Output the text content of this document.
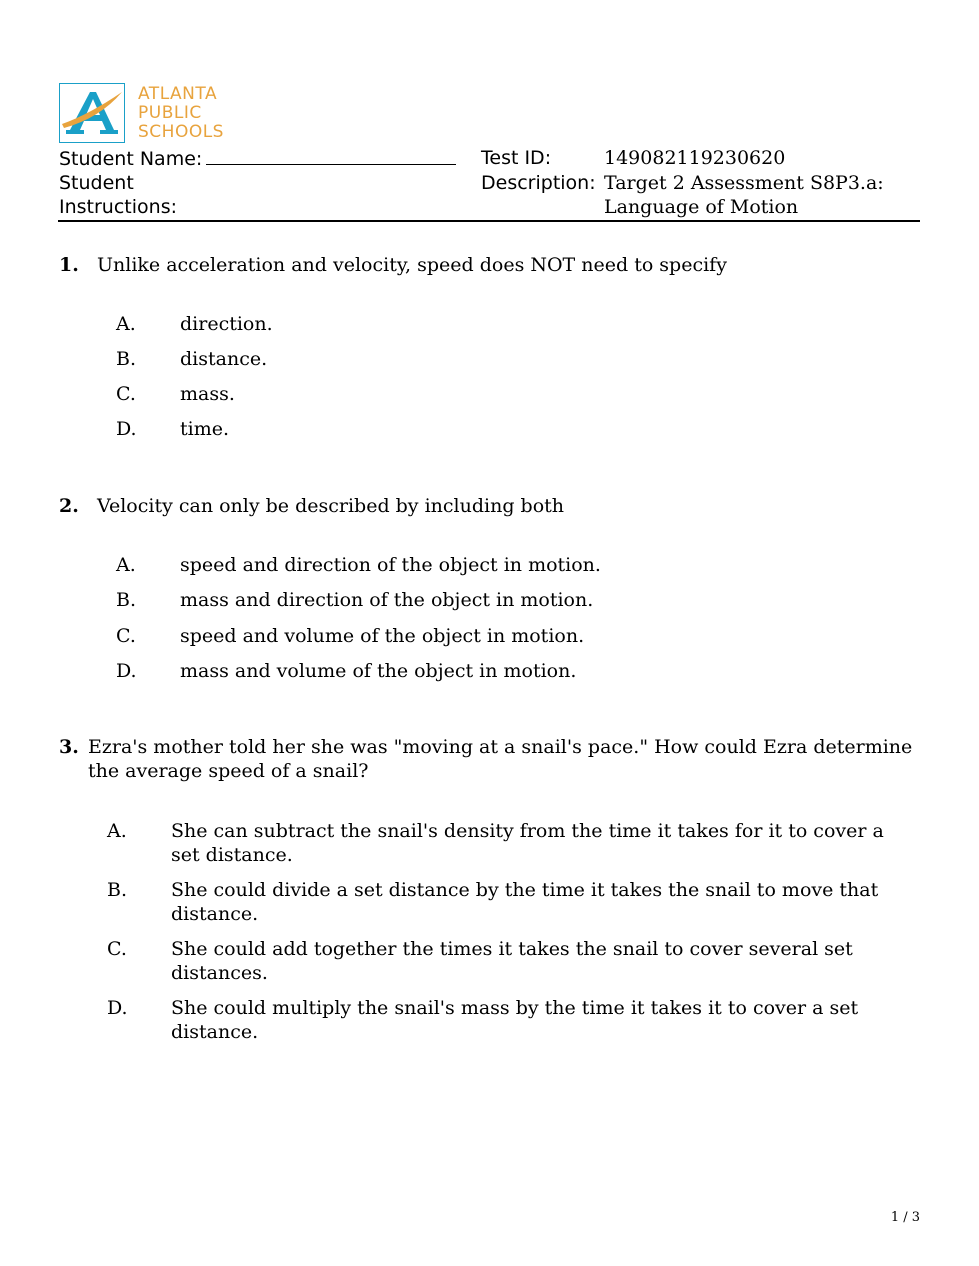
ATLANTA
PUBLIC
SCHOOLS
Student Name:
Student
Instructions:
Test ID:	149082119230620
Description: Target 2 Assessment S8P3.a:
Language of Motion
1. Unlike acceleration and velocity, speed does NOT need to specify
A. direction.
B. distance.
C. mass.
D. time.
2. Velocity can only be described by including both
A. speed and direction of the object in motion.
B. mass and direction of the object in motion.
C. speed and volume of the object in motion.
D. mass and volume of the object in motion.
3. Ezra's mother told her she was "moving at a snail's pace." How could Ezra determine
the average speed of a snail?
A. She can subtract the snail's density from the time it takes for it to cover a
set distance.
B. She could divide a set distance by the time it takes the snail to move that
distance.
C. She could add together the times it takes the snail to cover several set
distances.
D. She could multiply the snail's mass by the time it takes it to cover a set
distance.
1 / 3
